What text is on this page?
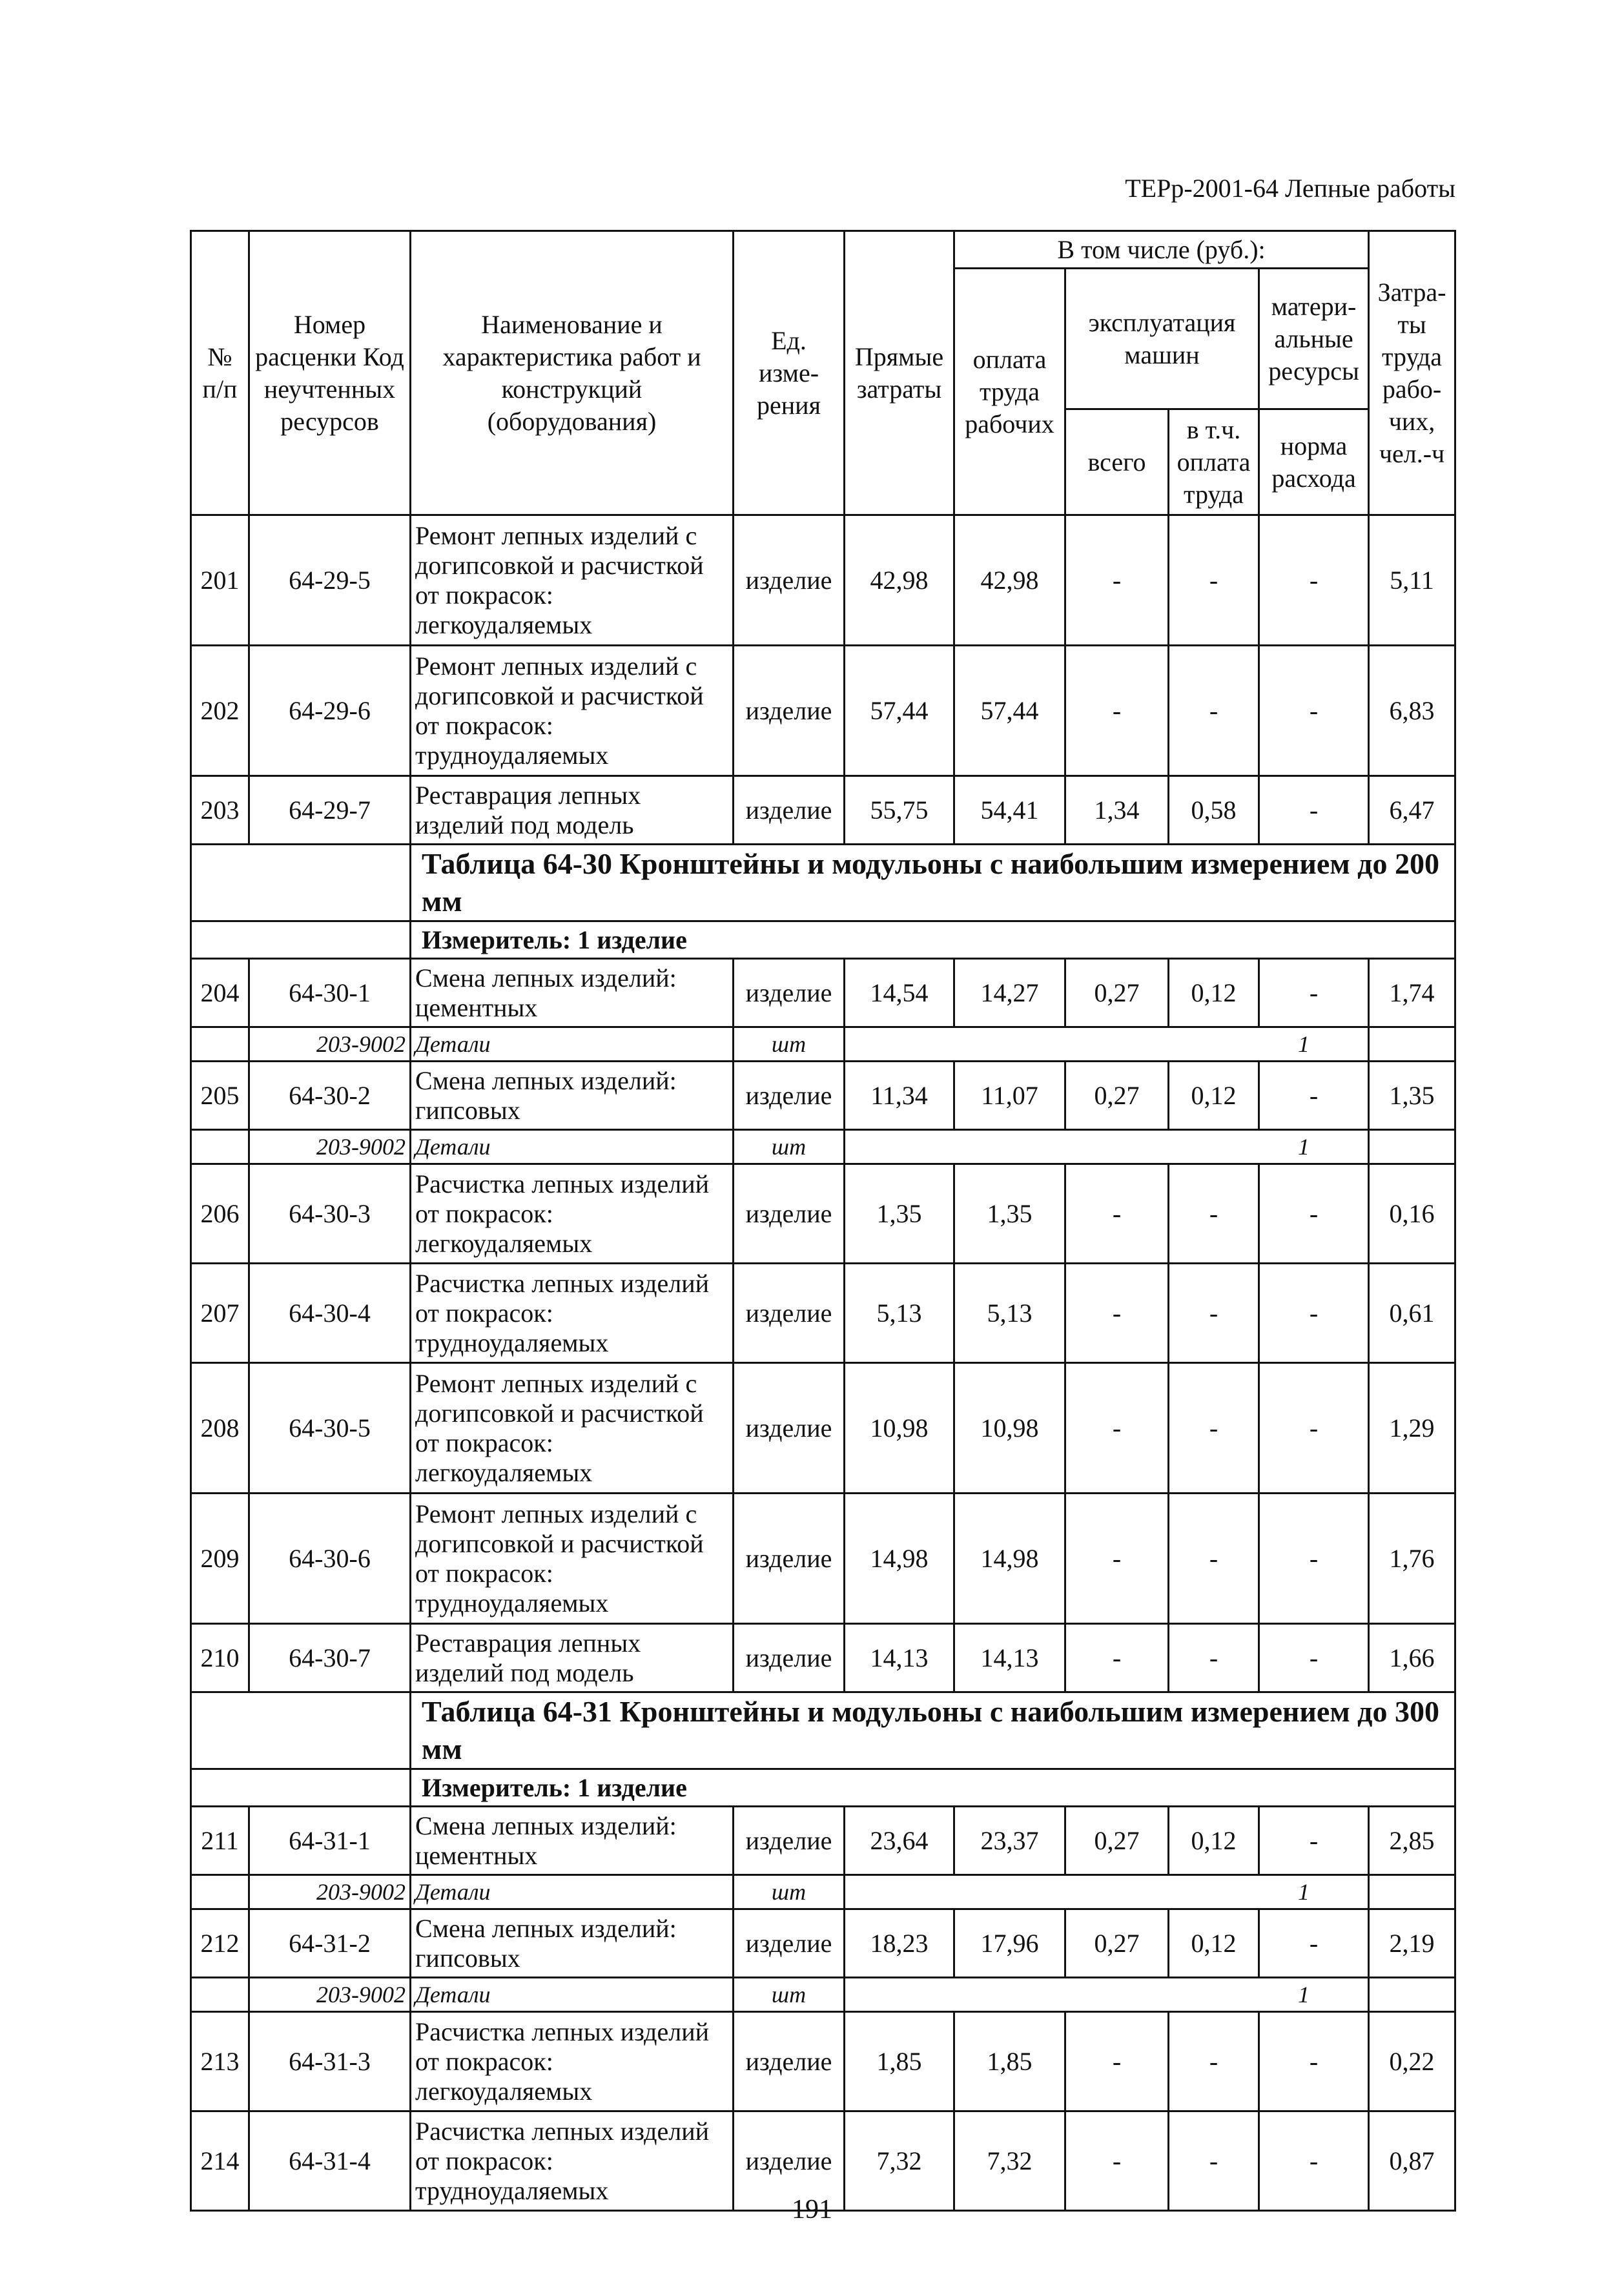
ТЕРр-2001-64 Лепные работы
№ п/п	Номер расценки Код неучтенных ресурсов	Наименование и характеристика работ и конструкций (оборудования)	Ед. изме-рения	Прямые затраты	В том числе (руб.):				Затра-ты труда рабо-чих, чел.-ч
					оплата труда рабочих	эксплуатация машин		матери-альные ресурсы	
						всего	в т.ч. оплата труда	норма расхода	
201	64-29-5	Ремонт лепных изделий с догипсовкой и расчисткой от покрасок: легкоудаляемых	изделие	42,98	42,98	-	-	-	5,11
202	64-29-6	Ремонт лепных изделий с догипсовкой и расчисткой от покрасок: трудноудаляемых	изделие	57,44	57,44	-	-	-	6,83
203	64-29-7	Реставрация лепных изделий под модель	изделие	55,75	54,41	1,34	0,58	-	6,47
		Таблица 64-30 Кронштейны и модульоны с наибольшим измерением до 200 мм							
		Измеритель: 1 изделие							
204	64-30-1	Смена лепных изделий: цементных	изделие	14,54	14,27	0,27	0,12	-	1,74
	203-9002	Детали	шт	1					
205	64-30-2	Смена лепных изделий: гипсовых	изделие	11,34	11,07	0,27	0,12	-	1,35
	203-9002	Детали	шт	1					
206	64-30-3	Расчистка лепных изделий от покрасок: легкоудаляемых	изделие	1,35	1,35	-	-	-	0,16
207	64-30-4	Расчистка лепных изделий от покрасок: трудноудаляемых	изделие	5,13	5,13	-	-	-	0,61
208	64-30-5	Ремонт лепных изделий с догипсовкой и расчисткой от покрасок: легкоудаляемых	изделие	10,98	10,98	-	-	-	1,29
209	64-30-6	Ремонт лепных изделий с догипсовкой и расчисткой от покрасок: трудноудаляемых	изделие	14,98	14,98	-	-	-	1,76
210	64-30-7	Реставрация лепных изделий под модель	изделие	14,13	14,13	-	-	-	1,66
		Таблица 64-31 Кронштейны и модульоны с наибольшим измерением до 300 мм							
		Измеритель: 1 изделие							
211	64-31-1	Смена лепных изделий: цементных	изделие	23,64	23,37	0,27	0,12	-	2,85
	203-9002	Детали	шт	1					
212	64-31-2	Смена лепных изделий: гипсовых	изделие	18,23	17,96	0,27	0,12	-	2,19
	203-9002	Детали	шт	1					
213	64-31-3	Расчистка лепных изделий от покрасок: легкоудаляемых	изделие	1,85	1,85	-	-	-	0,22
214	64-31-4	Расчистка лепных изделий от покрасок: трудноудаляемых	изделие	7,32	7,32	-	-	-	0,87
191
